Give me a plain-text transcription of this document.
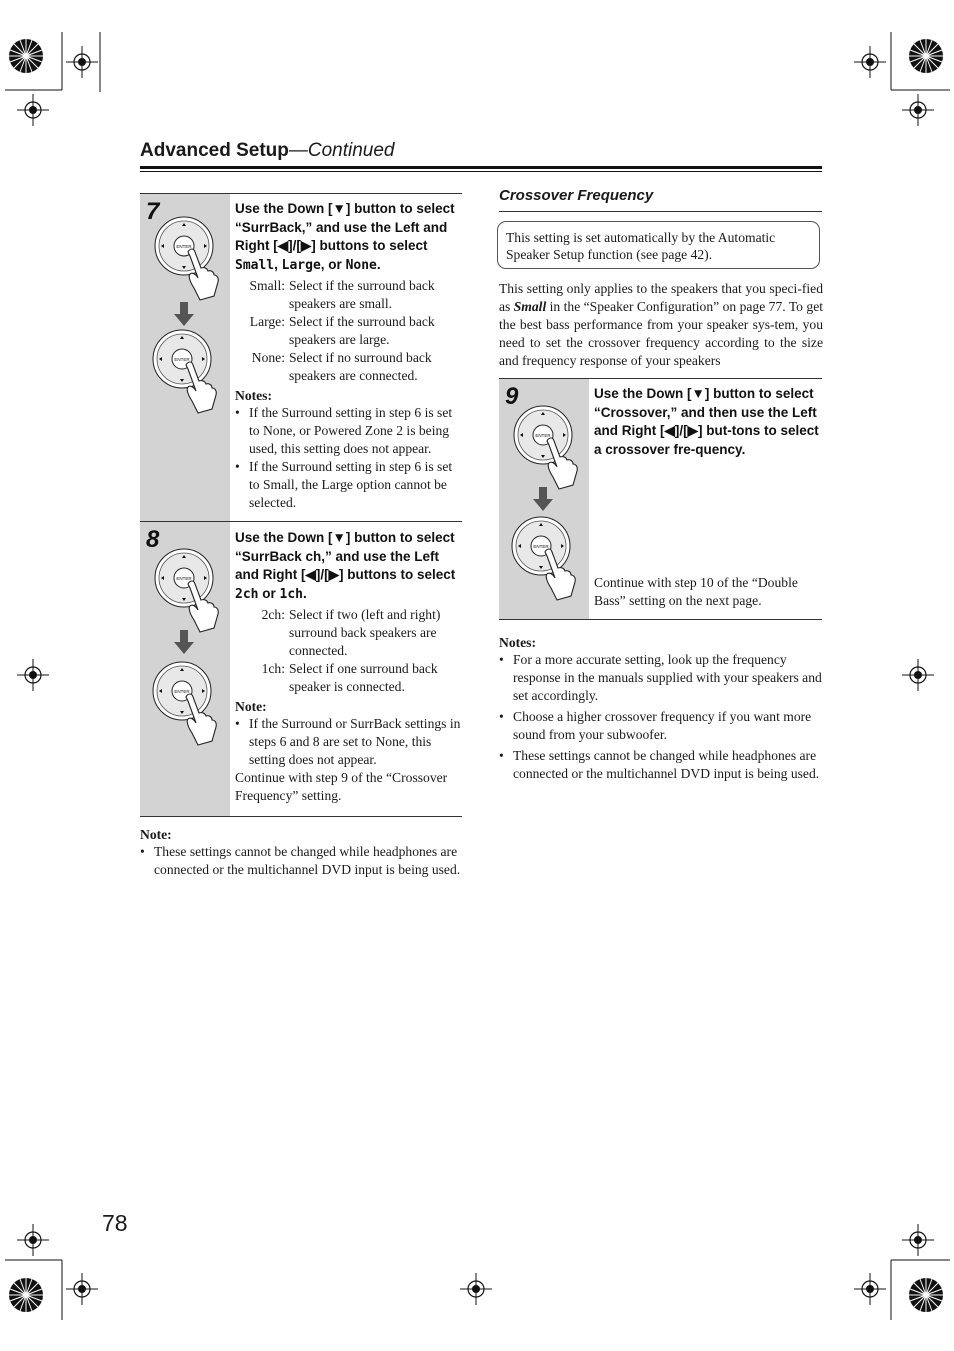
Advanced Setup—Continued
7	Use the Down [▼] button to select “SurrBack,” and use the Left and Right [◀]/[▶] buttons to select Small, Large, or None.
Small: Select if the surround back speakers are small.
Large: Select if the surround back speakers are large.
None: Select if no surround back speakers are connected.
Notes:
• If the Surround setting in step 6 is set to None, or Powered Zone 2 is being used, this setting does not appear.
• If the Surround setting in step 6 is set to Small, the Large option cannot be selected.
8	Use the Down [▼] button to select “SurrBack ch,” and use the Left and Right [◀]/[▶] buttons to select 2ch or 1ch.
2ch: Select if two (left and right) surround back speakers are connected.
1ch: Select if one surround back speaker is connected.
Note:
• If the Surround or SurrBack settings in steps 6 and 8 are set to None, this setting does not appear.
Continue with step 9 of the “Crossover Frequency” setting.
Note:
• These settings cannot be changed while headphones are connected or the multichannel DVD input is being used.
Crossover Frequency
This setting is set automatically by the Automatic Speaker Setup function (see page 42).
This setting only applies to the speakers that you speci-fied as Small in the “Speaker Configuration” on page 77. To get the best bass performance from your speaker sys-tem, you need to set the crossover frequency according to the size and frequency response of your speakers
9	Use the Down [▼] button to select “Crossover,” and then use the Left and Right [◀]/[▶] but-tons to select a crossover fre-quency.
Continue with step 10 of the “Double Bass” setting on the next page.
Notes:
• For a more accurate setting, look up the frequency response in the manuals supplied with your speakers and set accordingly.
• Choose a higher crossover frequency if you want more sound from your subwoofer.
• These settings cannot be changed while headphones are connected or the multichannel DVD input is being used.
78
